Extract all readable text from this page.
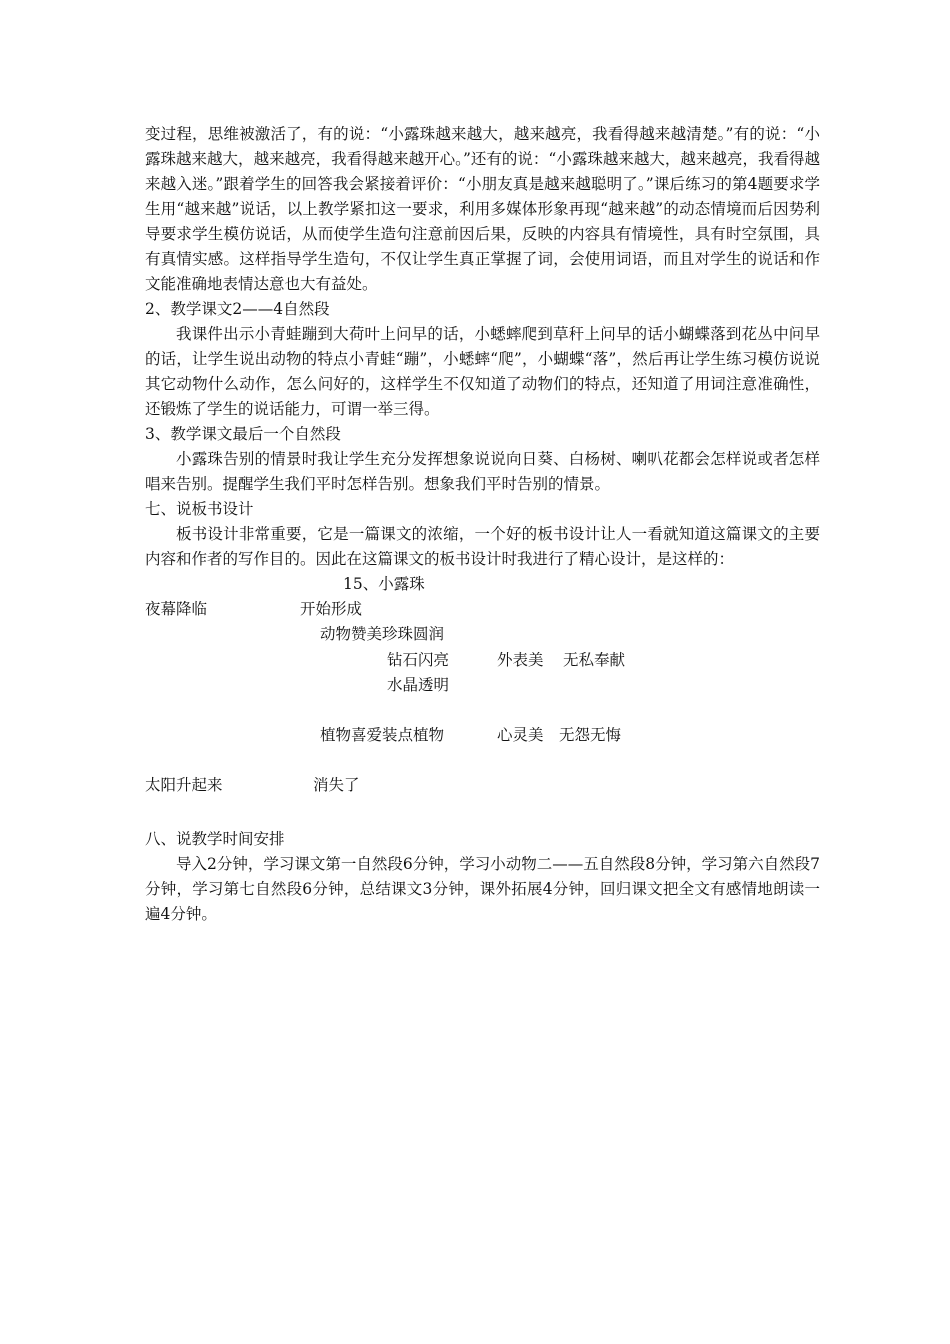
变过程，思维被激活了，有的说：“小露珠越来越大，越来越亮，我看得越来越清楚。”有的说：“小露珠越来越大，越来越亮，我看得越来越开心。”还有的说：“小露珠越来越大，越来越亮，我看得越来越入迷。”跟着学生的回答我会紧接着评价：“小朋友真是越来越聪明了。”课后练习的第4题要求学生用“越来越”说话，以上教学紧扣这一要求，利用多媒体形象再现“越来越”的动态情境而后因势利导要求学生模仿说话，从而使学生造句注意前因后果，反映的内容具有情境性，具有时空氛围，具有真情实感。这样指导学生造句，不仅让学生真正掌握了词，会使用词语，而且对学生的说话和作文能准确地表情达意也大有益处。

2、教学课文2——4自然段

我课件出示小青蛙蹦到大荷叶上问早的话，小蟋蟀爬到草秆上问早的话小蝴蝶落到花丛中问早的话，让学生说出动物的特点小青蛙“蹦”，小蟋蟀“爬”，小蝴蝶“落”，然后再让学生练习模仿说说其它动物什么动作，怎么问好的，这样学生不仅知道了动物们的特点，还知道了用词注意准确性，还锻炼了学生的说话能力，可谓一举三得。

3、教学课文最后一个自然段

小露珠告别的情景时我让学生充分发挥想象说说向日葵、白杨树、喇叭花都会怎样说或者怎样唱来告别。提醒学生我们平时怎样告别。想象我们平时告别的情景。

七、说板书设计

板书设计非常重要，它是一篇课文的浓缩，一个好的板书设计让人一看就知道这篇课文的主要内容和作者的写作目的。因此在这篇课文的板书设计时我进行了精心设计，是这样的：

15、小露珠
夜幕降临	开始形成
动物赞美珍珠圆润
钻石闪亮	外表美 无私奉献
水晶透明
植物喜爱装点植物	心灵美 无怨无悔
太阳升起来	消失了

八、说教学时间安排

导入2分钟，学习课文第一自然段6分钟，学习小动物二——五自然段8分钟，学习第六自然段7分钟，学习第七自然段6分钟，总结课文3分钟，课外拓展4分钟，回归课文把全文有感情地朗读一遍4分钟。
